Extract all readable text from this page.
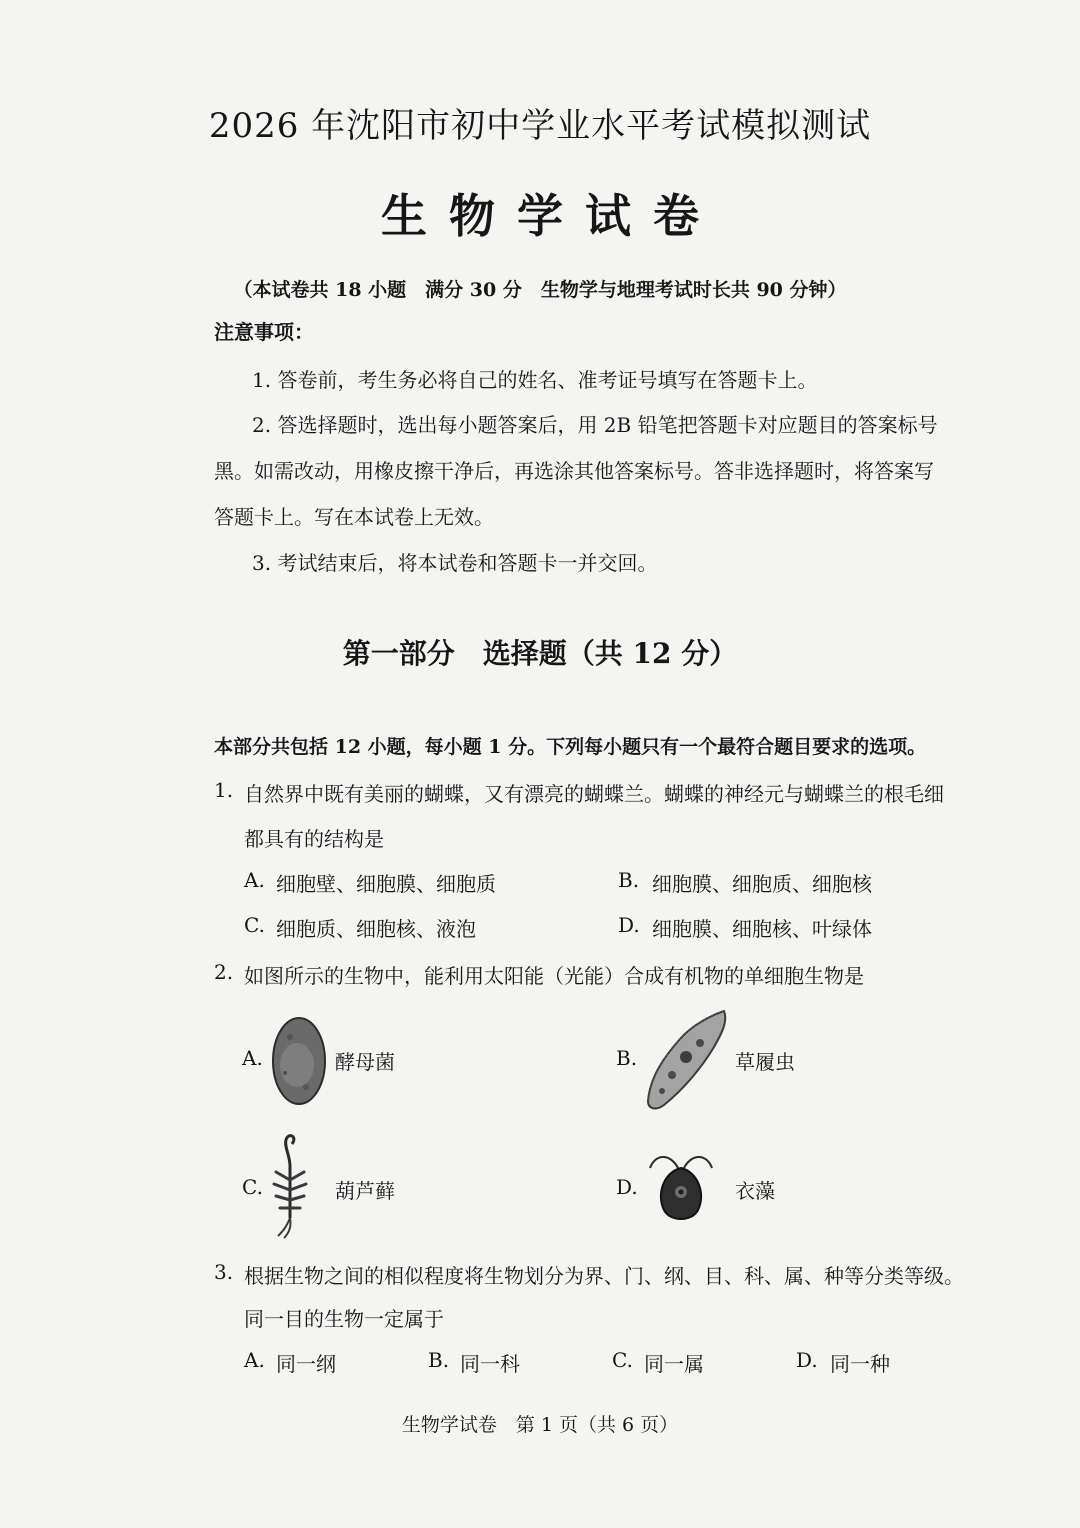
2026 年沈阳市初中学业水平考试模拟测试
生物学试卷
（本试卷共 18 小题　满分 30 分　生物学与地理考试时长共 90 分钟）
注意事项：
1. 答卷前，考生务必将自己的姓名、准考证号填写在答题卡上。
2. 答选择题时，选出每小题答案后，用 2B 铅笔把答题卡对应题目的答案标号
黑。如需改动，用橡皮擦干净后，再选涂其他答案标号。答非选择题时，将答案写
答题卡上。写在本试卷上无效。
3. 考试结束后，将本试卷和答题卡一并交回。
第一部分　选择题（共 12 分）
本部分共包括 12 小题，每小题 1 分。下列每小题只有一个最符合题目要求的选项。
1. 自然界中既有美丽的蝴蝶，又有漂亮的蝴蝶兰。蝴蝶的神经元与蝴蝶兰的根毛细
都具有的结构是
A. 细胞壁、细胞膜、细胞质	B. 细胞膜、细胞质、细胞核
C. 细胞质、细胞核、液泡	D. 细胞膜、细胞核、叶绿体
2. 如图所示的生物中，能利用太阳能（光能）合成有机物的单细胞生物是
A.	酵母菌	B.	草履虫
C.	葫芦藓	D.	衣藻
3. 根据生物之间的相似程度将生物划分为界、门、纲、目、科、属、种等分类等级。
同一目的生物一定属于
A. 同一纲	B. 同一科	C. 同一属	D. 同一种
生物学试卷　第 1 页（共 6 页）
